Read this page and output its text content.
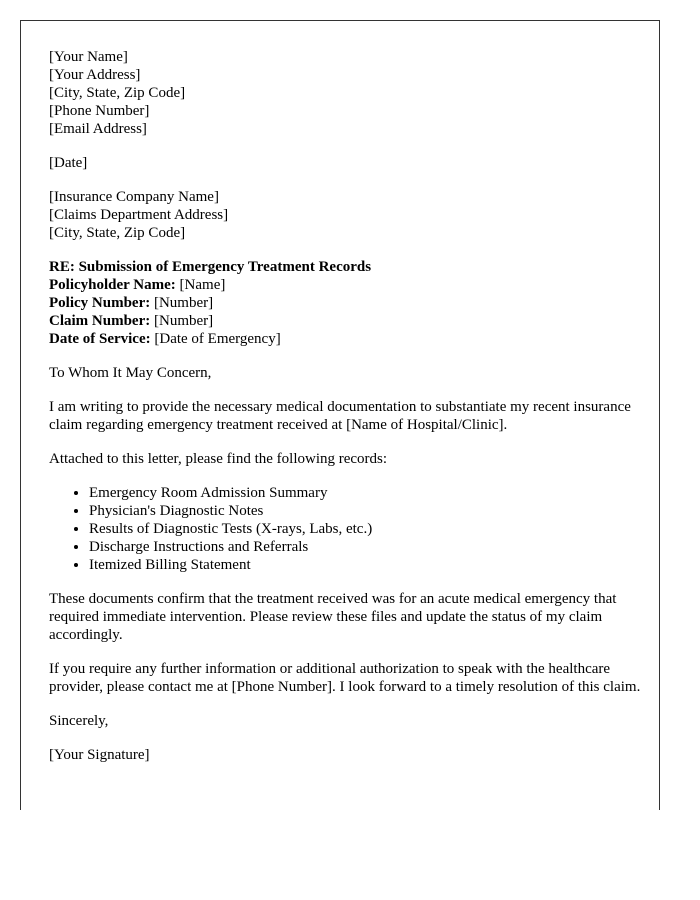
[Your Name]
[Your Address]
[City, State, Zip Code]
[Phone Number]
[Email Address]
[Date]
[Insurance Company Name]
[Claims Department Address]
[City, State, Zip Code]
RE: Submission of Emergency Treatment Records
Policyholder Name: [Name]
Policy Number: [Number]
Claim Number: [Number]
Date of Service: [Date of Emergency]

To Whom It May Concern,

I am writing to provide the necessary medical documentation to substantiate my recent insurance claim regarding emergency treatment received at [Name of Hospital/Clinic].

Attached to this letter, please find the following records:

• Emergency Room Admission Summary
• Physician's Diagnostic Notes
• Results of Diagnostic Tests (X-rays, Labs, etc.)
• Discharge Instructions and Referrals
• Itemized Billing Statement

These documents confirm that the treatment received was for an acute medical emergency that required immediate intervention. Please review these files and update the status of my claim accordingly.

If you require any further information or additional authorization to speak with the healthcare provider, please contact me at [Phone Number]. I look forward to a timely resolution of this claim.

Sincerely,

[Your Signature]
